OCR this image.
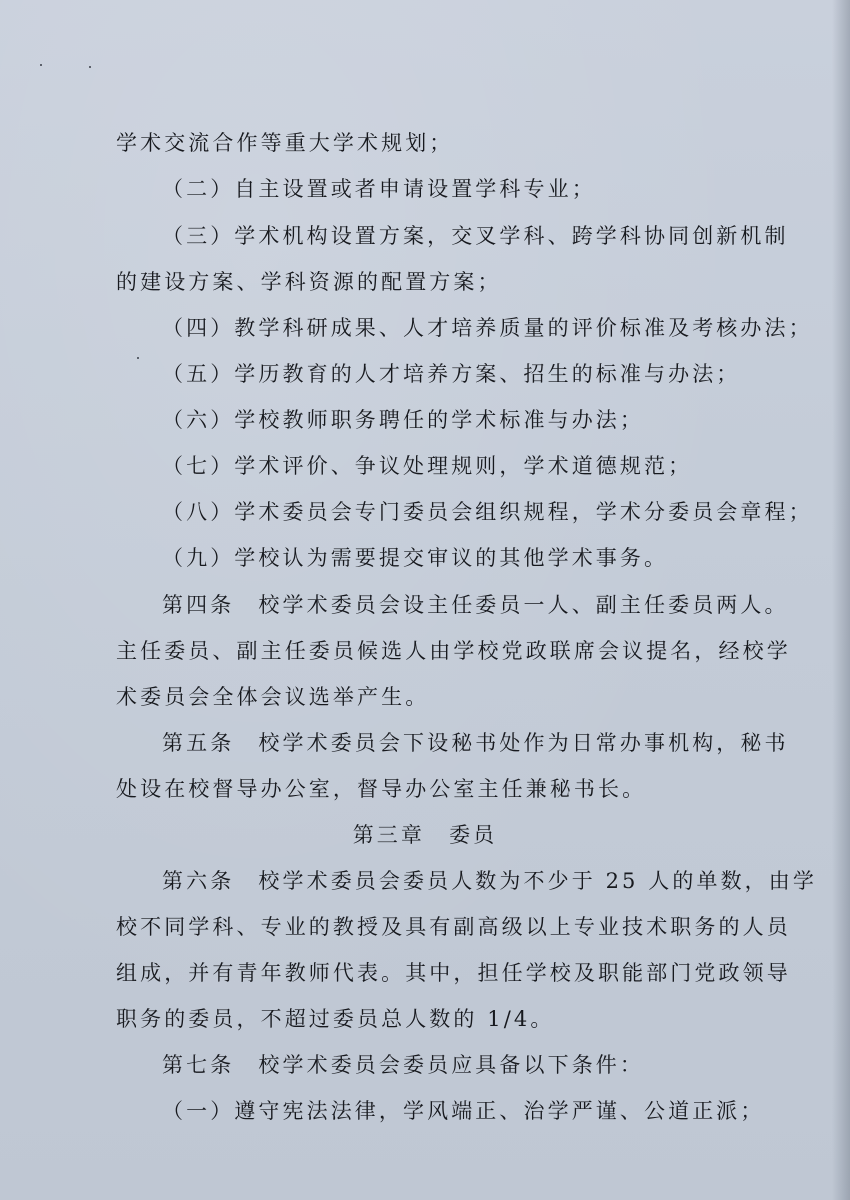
学术交流合作等重大学术规划；
（二）自主设置或者申请设置学科专业；
（三）学术机构设置方案，交叉学科、跨学科协同创新机制
的建设方案、学科资源的配置方案；
（四）教学科研成果、人才培养质量的评价标准及考核办法；
（五）学历教育的人才培养方案、招生的标准与办法；
（六）学校教师职务聘任的学术标准与办法；
（七）学术评价、争议处理规则，学术道德规范；
（八）学术委员会专门委员会组织规程，学术分委员会章程；
（九）学校认为需要提交审议的其他学术事务。
第四条　校学术委员会设主任委员一人、副主任委员两人。
主任委员、副主任委员候选人由学校党政联席会议提名，经校学
术委员会全体会议选举产生。
第五条　校学术委员会下设秘书处作为日常办事机构，秘书
处设在校督导办公室，督导办公室主任兼秘书长。
第三章　委员
第六条　校学术委员会委员人数为不少于 25 人的单数，由学
校不同学科、专业的教授及具有副高级以上专业技术职务的人员
组成，并有青年教师代表。其中，担任学校及职能部门党政领导
职务的委员，不超过委员总人数的 1/4。
第七条　校学术委员会委员应具备以下条件：
（一）遵守宪法法律，学风端正、治学严谨、公道正派；
